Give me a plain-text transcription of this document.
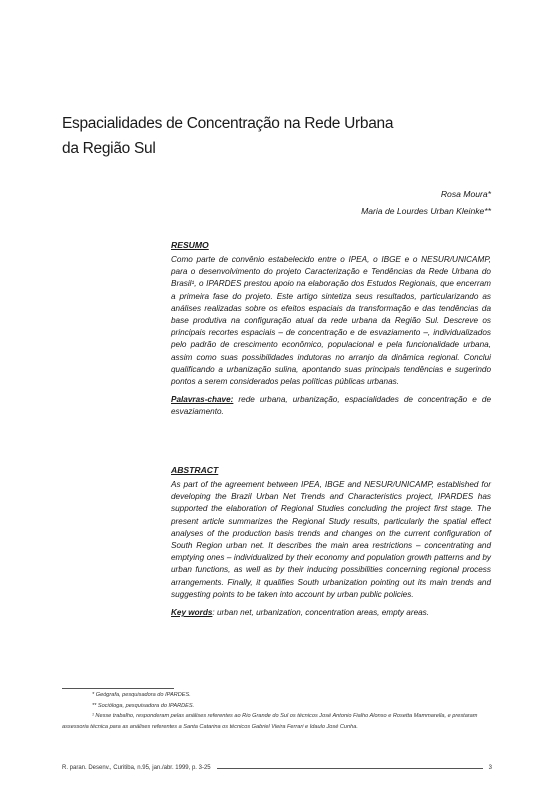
Espacialidades de Concentração na Rede Urbana
da Região Sul
Rosa Moura*
Maria de Lourdes Urban Kleinke**

RESUMO

Como parte de convênio estabelecido entre o IPEA, o IBGE e o NESUR/UNICAMP, para o desenvolvimento do projeto Caracterização e Tendências da Rede Urbana do Brasil¹, o IPARDES prestou apoio na elaboração dos Estudos Regionais, que encerram a primeira fase do projeto. Este artigo sintetiza seus resultados, particularizando as análises realizadas sobre os efeitos espaciais da transformação e das tendências da base produtiva na configuração atual da rede urbana da Região Sul. Descreve os principais recortes espaciais – de concentração e de esvaziamento –, individualizados pelo padrão de crescimento econômico, populacional e pela funcionalidade urbana, assim como suas possibilidades indutoras no arranjo da dinâmica regional. Conclui qualificando a urbanização sulina, apontando suas principais tendências e sugerindo pontos a serem considerados pelas políticas públicas urbanas.

Palavras-chave: rede urbana, urbanização, espacialidades de concentração e de esvaziamento.

ABSTRACT

As part of the agreement between IPEA, IBGE and NESUR/UNICAMP, established for developing the Brazil Urban Net Trends and Characteristics project, IPARDES has supported the elaboration of Regional Studies concluding the project first stage. The present article summarizes the Regional Study results, particularly the spatial effect analyses of the production basis trends and changes on the current configuration of South Region urban net. It describes the main area restrictions – concentrating and emptying ones – individualized by their economy and population growth patterns and by urban functions, as well as by their inducing possibilities concerning regional process arrangements. Finally, it qualifies South urbanization pointing out its main trends and suggesting points to be taken into account by urban public policies.

Key words: urban net, urbanization, concentration areas, empty areas.

* Geógrafa, pesquisadora do IPARDES.

** Socióloga, pesquisadora do IPARDES.

¹ Nesse trabalho, responderam pelas análises referentes ao Rio Grande do Sul os técnicos José Antonio Fialho Alonso e Rosetta Mammarella, e prestaram assessoria técnica para as análises referentes a Santa Catarina os técnicos Gabriel Vieira Ferrari e Idaulo José Cunha.

R. paran. Desenv., Curitiba, n.95, jan./abr. 1999, p. 3-25	3
